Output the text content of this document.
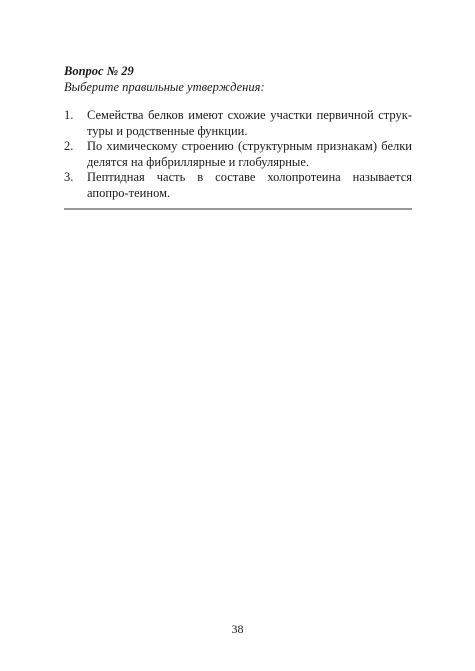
Вопрос № 29

Выберите правильные утверждения:

1. Семейства белков имеют схожие участки первичной струк-туры и родственные функции.
2. По химическому строению (структурным признакам) белки делятся на фибриллярные и глобулярные.
3. Пептидная часть в составе холопротеина называется апопро-теином.
38
